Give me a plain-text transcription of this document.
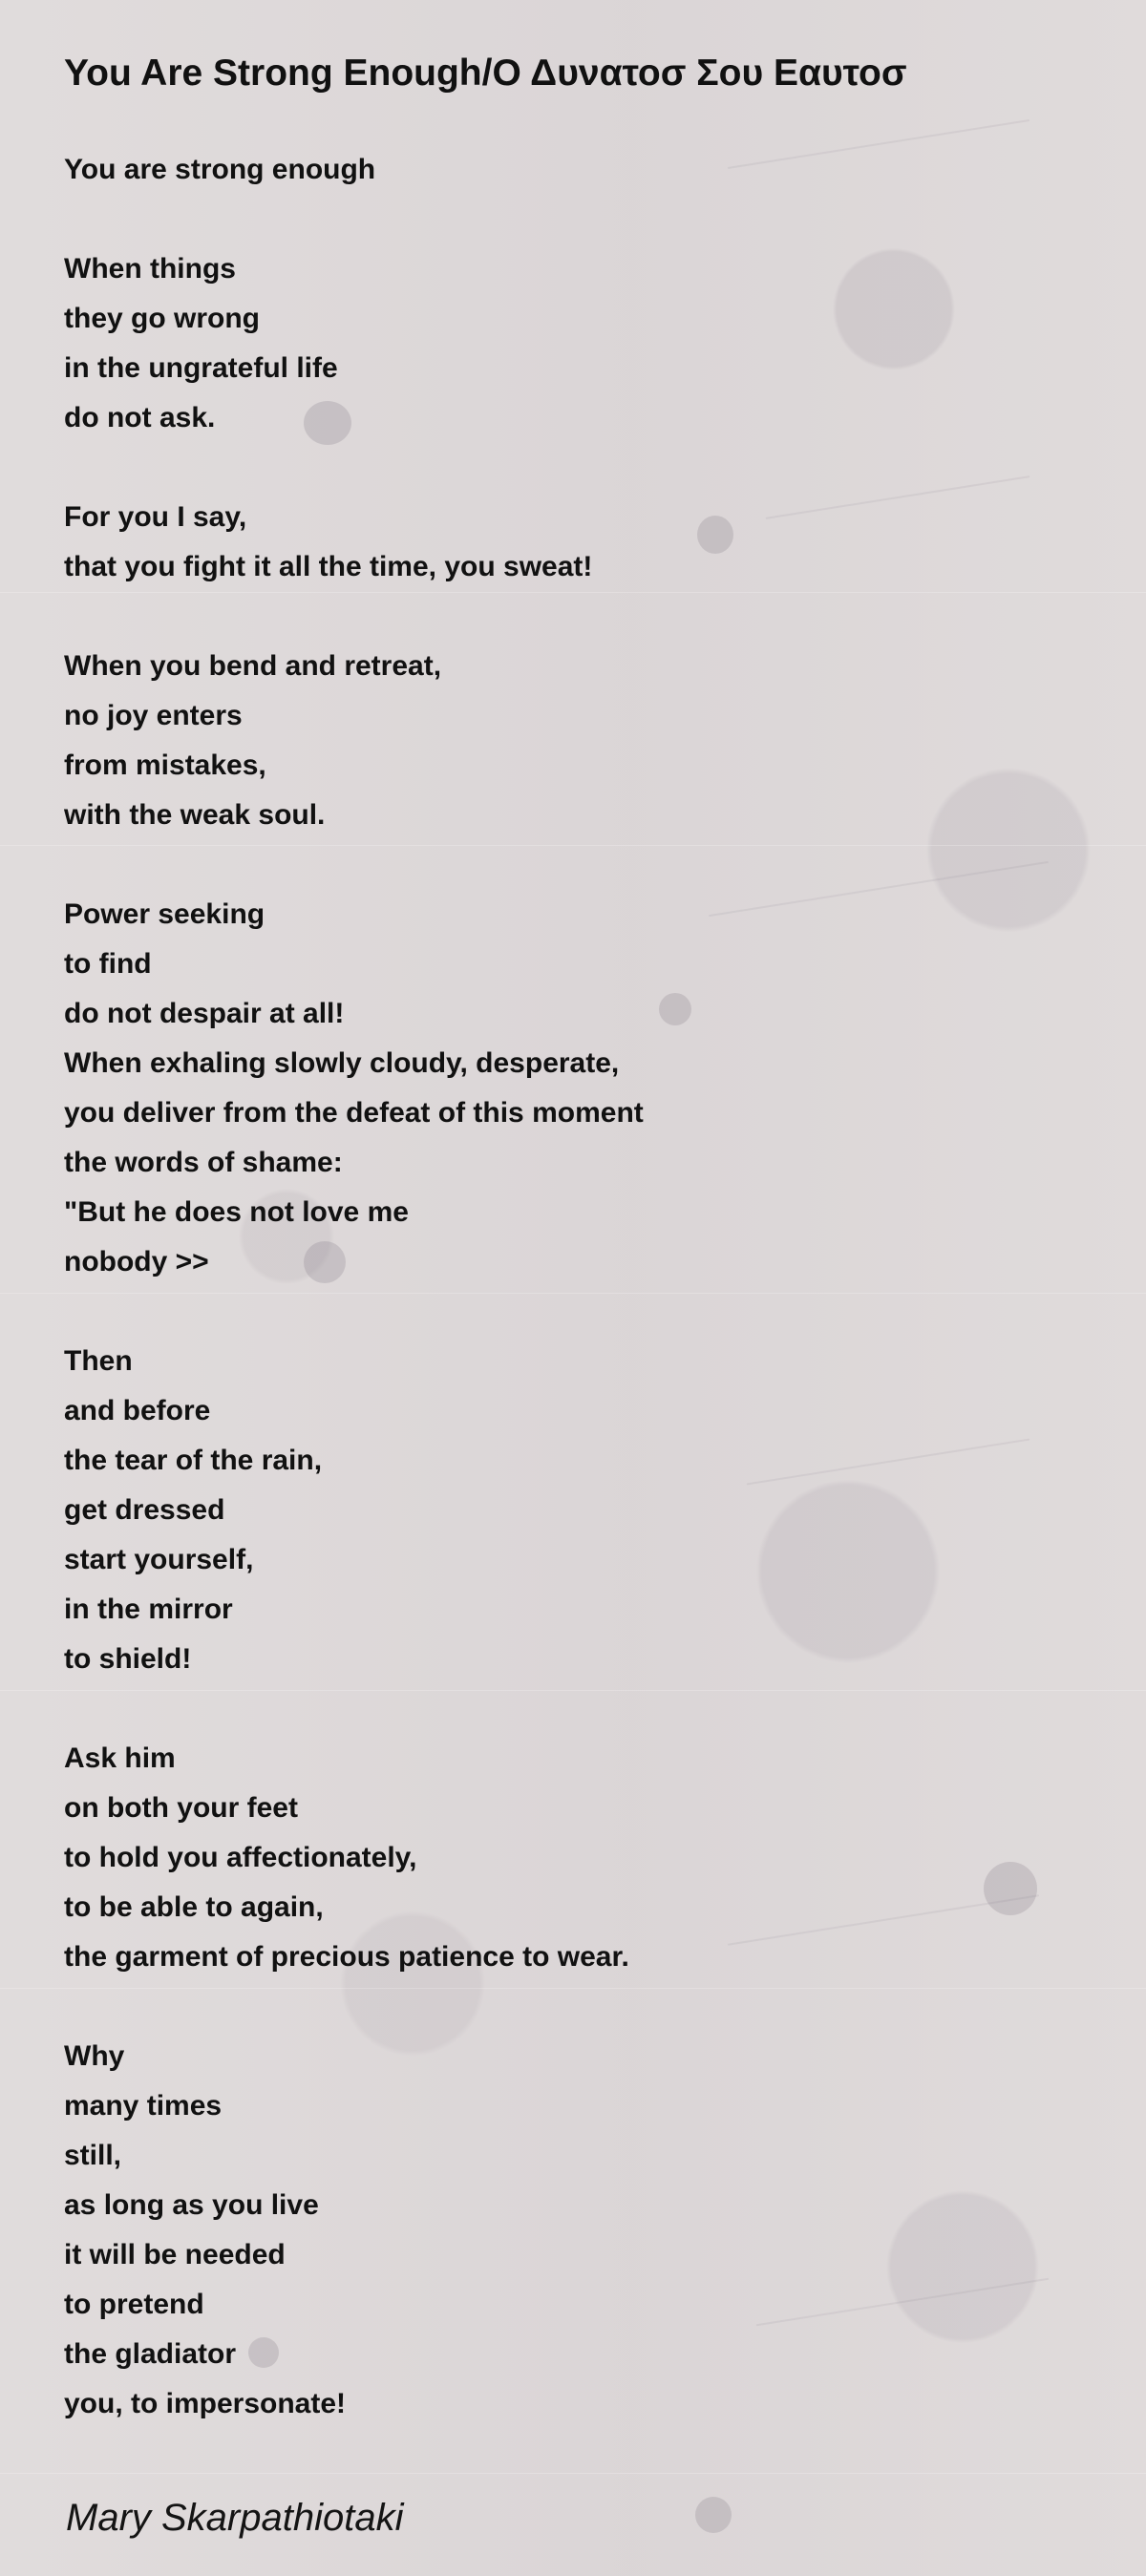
You Are Strong Enough/Ο Δυνατοσ Σου Εαυτοσ
You are strong enough

When things
they go wrong
in the ungrateful life
do not ask.

For you I say,
that you fight it all the time, you sweat!

When you bend and retreat,
no joy enters
from mistakes,
with the weak soul.

Power seeking
to find
do not despair at all!
When exhaling slowly cloudy, desperate,
you deliver from the defeat of this moment
the words of shame:
"But he does not love me
nobody >>

Then
and before
the tear of the rain,
get dressed
start yourself,
in the mirror
to shield!

Ask him
on both your feet
to hold you affectionately,
to be able to again,
the garment of precious patience to wear.

Why
many times
still,
as long as you live
it will be needed
to pretend
the gladiator
you, to impersonate!
Mary Skarpathiotaki
